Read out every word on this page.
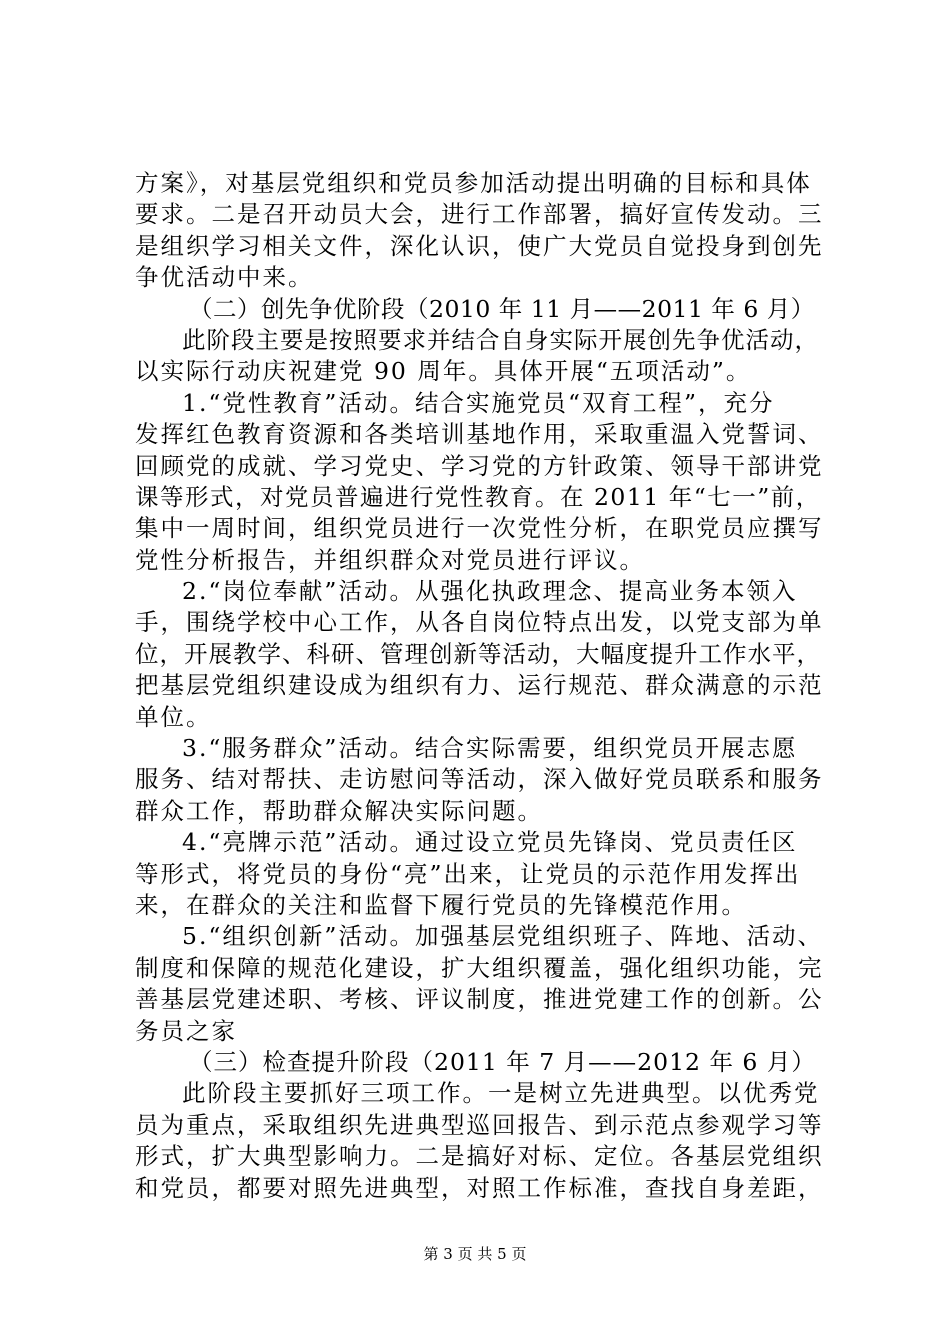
方案》，对基层党组织和党员参加活动提出明确的目标和具体
要求。二是召开动员大会，进行工作部署，搞好宣传发动。三
是组织学习相关文件，深化认识，使广大党员自觉投身到创先
争优活动中来。
（二）创先争优阶段（2010 年 11 月——2011 年 6 月）
此阶段主要是按照要求并结合自身实际开展创先争优活动，
以实际行动庆祝建党 90 周年。具体开展“五项活动”。
1.“党性教育”活动。结合实施党员“双育工程”，充分
发挥红色教育资源和各类培训基地作用，采取重温入党誓词、
回顾党的成就、学习党史、学习党的方针政策、领导干部讲党
课等形式，对党员普遍进行党性教育。在 2011 年“七一”前，
集中一周时间，组织党员进行一次党性分析，在职党员应撰写
党性分析报告，并组织群众对党员进行评议。
2.“岗位奉献”活动。从强化执政理念、提高业务本领入
手，围绕学校中心工作，从各自岗位特点出发，以党支部为单
位，开展教学、科研、管理创新等活动，大幅度提升工作水平，
把基层党组织建设成为组织有力、运行规范、群众满意的示范
单位。
3.“服务群众”活动。结合实际需要，组织党员开展志愿
服务、结对帮扶、走访慰问等活动，深入做好党员联系和服务
群众工作，帮助群众解决实际问题。
4.“亮牌示范”活动。通过设立党员先锋岗、党员责任区
等形式，将党员的身份“亮”出来，让党员的示范作用发挥出
来，在群众的关注和监督下履行党员的先锋模范作用。
5.“组织创新”活动。加强基层党组织班子、阵地、活动、
制度和保障的规范化建设，扩大组织覆盖，强化组织功能，完
善基层党建述职、考核、评议制度，推进党建工作的创新。公
务员之家
（三）检查提升阶段（2011 年 7 月——2012 年 6 月）
此阶段主要抓好三项工作。一是树立先进典型。以优秀党
员为重点，采取组织先进典型巡回报告、到示范点参观学习等
形式，扩大典型影响力。二是搞好对标、定位。各基层党组织
和党员，都要对照先进典型，对照工作标准，查找自身差距，
第 3 页 共 5 页
